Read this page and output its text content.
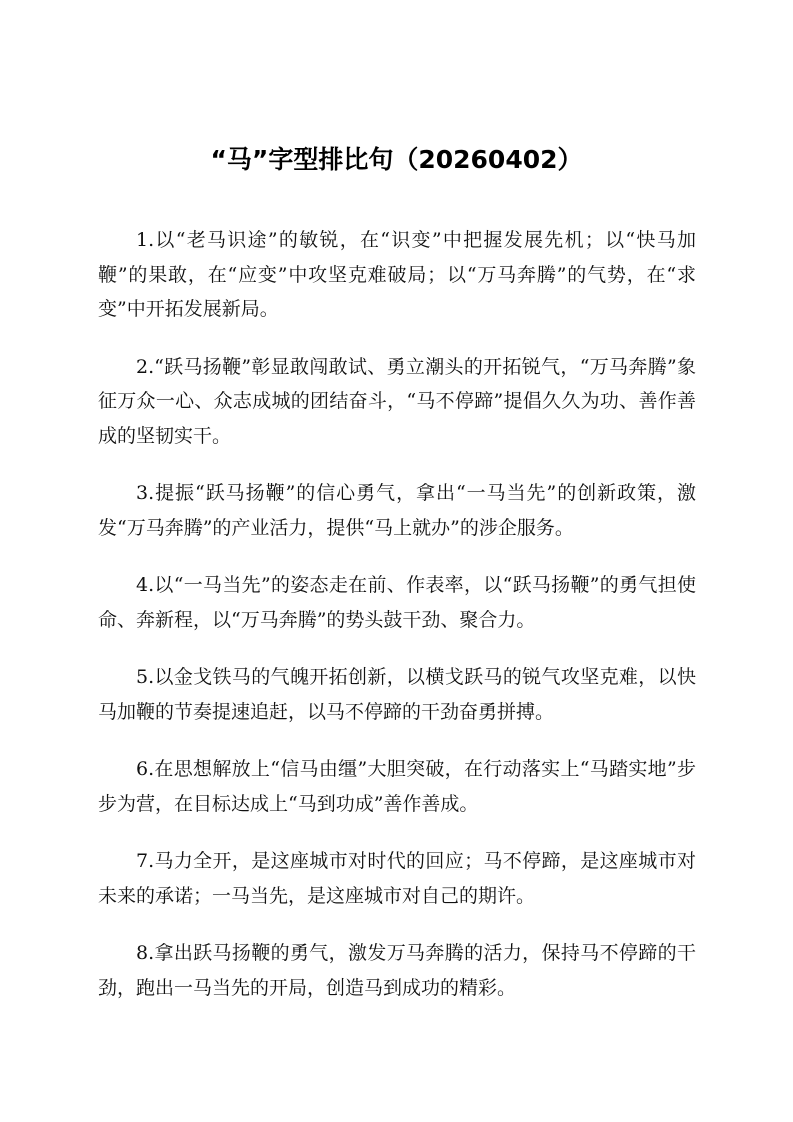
“马”字型排比句（20260402）

1.以“老马识途”的敏锐，在“识变”中把握发展先机；以“快马加鞭”的果敢，在“应变”中攻坚克难破局；以“万马奔腾”的气势，在“求变”中开拓发展新局。

2.“跃马扬鞭”彰显敢闯敢试、勇立潮头的开拓锐气，“万马奔腾”象征万众一心、众志成城的团结奋斗，“马不停蹄”提倡久久为功、善作善成的坚韧实干。

3.提振“跃马扬鞭”的信心勇气，拿出“一马当先”的创新政策，激发“万马奔腾”的产业活力，提供“马上就办”的涉企服务。

4.以“一马当先”的姿态走在前、作表率，以“跃马扬鞭”的勇气担使命、奔新程，以“万马奔腾”的势头鼓干劲、聚合力。

5.以金戈铁马的气魄开拓创新，以横戈跃马的锐气攻坚克难，以快马加鞭的节奏提速追赶，以马不停蹄的干劲奋勇拼搏。

6.在思想解放上“信马由缰”大胆突破，在行动落实上“马踏实地”步步为营，在目标达成上“马到功成”善作善成。

7.马力全开，是这座城市对时代的回应；马不停蹄，是这座城市对未来的承诺；一马当先，是这座城市对自己的期许。

8.拿出跃马扬鞭的勇气，激发万马奔腾的活力，保持马不停蹄的干劲，跑出一马当先的开局，创造马到成功的精彩。
